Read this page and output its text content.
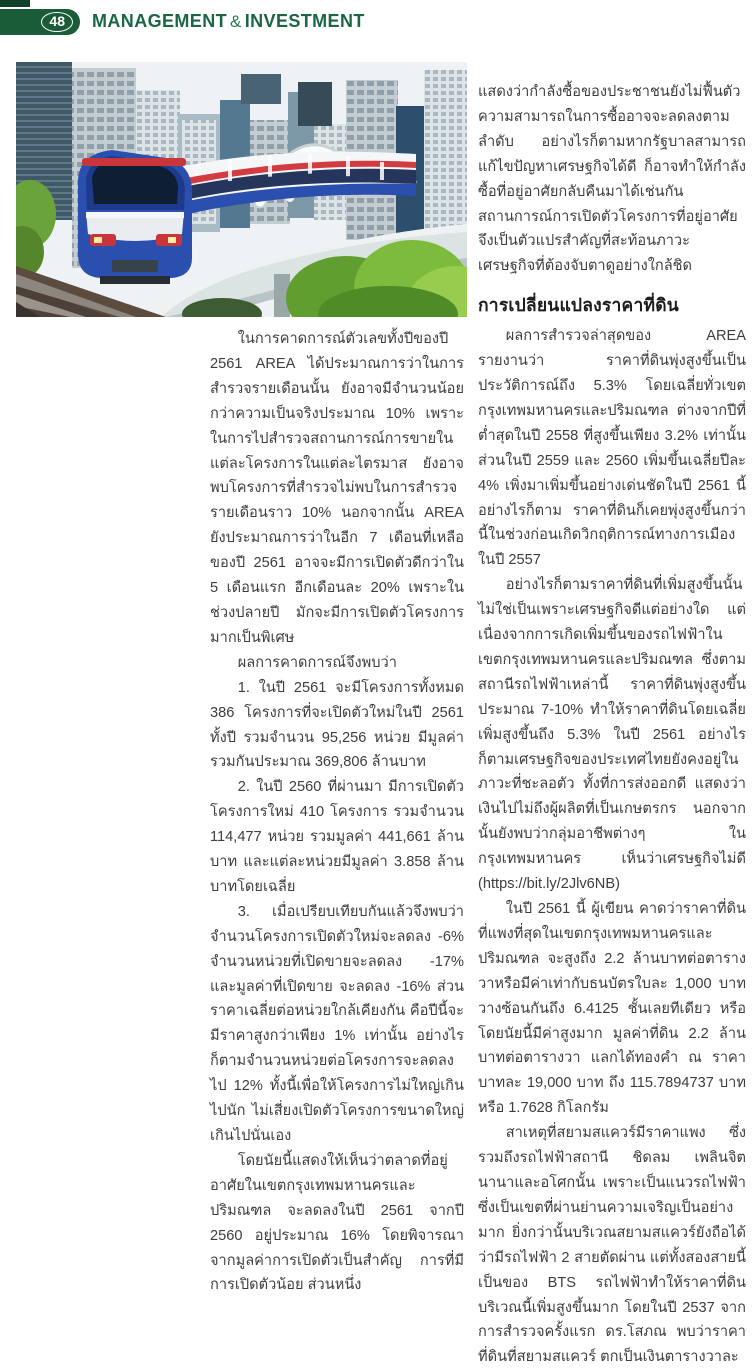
48	MANAGEMENT & INVESTMENT

ในการคาดการณ์ตัวเลขทั้งปีของปี 2561 AREA ได้ประมาณการว่าในการสำรวจรายเดือนนั้น ยังอาจมีจำนวนน้อยกว่าความเป็นจริงประมาณ 10% เพราะในการไปสำรวจสถานการณ์การขายในแต่ละโครงการในแต่ละไตรมาส ยังอาจพบโครงการที่สำรวจไม่พบในการสำรวจรายเดือนราว 10% นอกจากนั้น AREA ยังประมาณการว่าในอีก 7 เดือนที่เหลือของปี 2561 อาจจะมีการเปิดตัวดีกว่าใน 5 เดือนแรก อีกเดือนละ 20% เพราะในช่วงปลายปี มักจะมีการเปิดตัวโครงการมากเป็นพิเศษ

ผลการคาดการณ์จึงพบว่า

1. ในปี 2561 จะมีโครงการทั้งหมด 386 โครงการที่จะเปิดตัวใหม่ในปี 2561 ทั้งปี รวมจำนวน 95,256 หน่วย มีมูลค่ารวมกันประมาณ 369,806 ล้านบาท

2. ในปี 2560 ที่ผ่านมา มีการเปิดตัวโครงการใหม่ 410 โครงการ รวมจำนวน 114,477 หน่วย รวมมูลค่า 441,661 ล้านบาท และแต่ละหน่วยมีมูลค่า 3.858 ล้านบาทโดยเฉลี่ย

3. เมื่อเปรียบเทียบกันแล้วจึงพบว่า จำนวนโครงการเปิดตัวใหม่จะลดลง -6% จำนวนหน่วยที่เปิดขายจะลดลง -17% และมูลค่าที่เปิดขาย จะลดลง -16% ส่วนราคาเฉลี่ยต่อหน่วยใกล้เคียงกัน คือปีนี้จะมีราคาสูงกว่าเพียง 1% เท่านั้น อย่างไรก็ตามจำนวนหน่วยต่อโครงการจะลดลงไป 12% ทั้งนี้เพื่อให้โครงการไม่ใหญ่เกินไปนัก ไม่เสี่ยงเปิดตัวโครงการขนาดใหญ่เกินไปนั่นเอง

โดยนัยนี้แสดงให้เห็นว่าตลาดที่อยู่อาศัยในเขตกรุงเทพมหานครและปริมณฑล จะลดลงในปี 2561 จากปี 2560 อยู่ประมาณ 16% โดยพิจารณาจากมูลค่าการเปิดตัวเป็นสำคัญ การที่มีการเปิดตัวน้อย ส่วนหนึ่ง

แสดงว่ากำลังซื้อของประชาชนยังไม่ฟื้นตัว ความสามารถในการซื้ออาจจะลดลงตามลำดับ อย่างไรก็ตามหากรัฐบาลสามารถแก้ไขปัญหาเศรษฐกิจได้ดี ก็อาจทำให้กำลังซื้อที่อยู่อาศัยกลับคืนมาได้เช่นกัน สถานการณ์การเปิดตัวโครงการที่อยู่อาศัยจึงเป็นตัวแปรสำคัญที่สะท้อนภาวะเศรษฐกิจที่ต้องจับตาดูอย่างใกล้ชิด

การเปลี่ยนแปลงราคาที่ดิน

ผลการสำรวจล่าสุดของ AREA รายงานว่า ราคาที่ดินพุ่งสูงขึ้นเป็นประวัติการณ์ถึง 5.3% โดยเฉลี่ยทั่วเขตกรุงเทพมหานครและปริมณฑล ต่างจากปีที่ต่ำสุดในปี 2558 ที่สูงขึ้นเพียง 3.2% เท่านั้น ส่วนในปี 2559 และ 2560 เพิ่มขึ้นเฉลี่ยปีละ 4% เพิ่งมาเพิ่มขึ้นอย่างเด่นชัดในปี 2561 นี้ อย่างไรก็ตาม ราคาที่ดินก็เคยพุ่งสูงขึ้นกว่านี้ในช่วงก่อนเกิดวิกฤติการณ์ทางการเมืองในปี 2557

อย่างไรก็ตามราคาที่ดินที่เพิ่มสูงขึ้นนั้น ไม่ใช่เป็นเพราะเศรษฐกิจดีแต่อย่างใด แต่เนื่องจากการเกิดเพิ่มขึ้นของรถไฟฟ้าในเขตกรุงเทพมหานครและปริมณฑล ซึ่งตามสถานีรถไฟฟ้าเหล่านี้ ราคาที่ดินพุ่งสูงขึ้นประมาณ 7-10% ทำให้ราคาที่ดินโดยเฉลี่ยเพิ่มสูงขึ้นถึง 5.3% ในปี 2561 อย่างไรก็ตามเศรษฐกิจของประเทศไทยยังคงอยู่ในภาวะที่ชะลอตัว ทั้งที่การส่งออกดี แสดงว่าเงินไปไม่ถึงผู้ผลิตที่เป็นเกษตรกร นอกจากนั้นยังพบว่ากลุ่มอาชีพต่างๆ ในกรุงเทพมหานคร เห็นว่าเศรษฐกิจไม่ดี (https://bit.ly/2Jlv6NB)

ในปี 2561 นี้ ผู้เขียน คาดว่าราคาที่ดินที่แพงที่สุดในเขตกรุงเทพมหานครและปริมณฑล จะสูงถึง 2.2 ล้านบาทต่อตารางวาหรือมีค่าเท่ากับธนบัตรใบละ 1,000 บาทวางซ้อนกันถึง 6.4125 ชั้นเลยทีเดียว หรือโดยนัยนี้มีค่าสูงมาก มูลค่าที่ดิน 2.2 ล้านบาทต่อตารางวา แลกได้ทองคำ ณ ราคาบาทละ 19,000 บาท ถึง 115.7894737 บาท หรือ 1.7628 กิโลกรัม

สาเหตุที่สยามสแควร์มีราคาแพง ซึ่งรวมถึงรถไฟฟ้าสถานี ชิดลม เพลินจิต นานาและอโศกนั้น เพราะเป็นแนวรถไฟฟ้า ซึ่งเป็นเขตที่ผ่านย่านความเจริญเป็นอย่างมาก ยิ่งกว่านั้นบริเวณสยามสแควร์ยังถือได้ว่ามีรถไฟฟ้า 2 สายตัดผ่าน แต่ทั้งสองสายนี้เป็นของ BTS รถไฟฟ้าทำให้ราคาที่ดินบริเวณนี้เพิ่มสูงขึ้นมาก โดยในปี 2537 จากการสำรวจครั้งแรก ดร.โสภณ พบว่าราคาที่ดินที่สยามสแควร์ ตกเป็นเงินตารางวาละ
